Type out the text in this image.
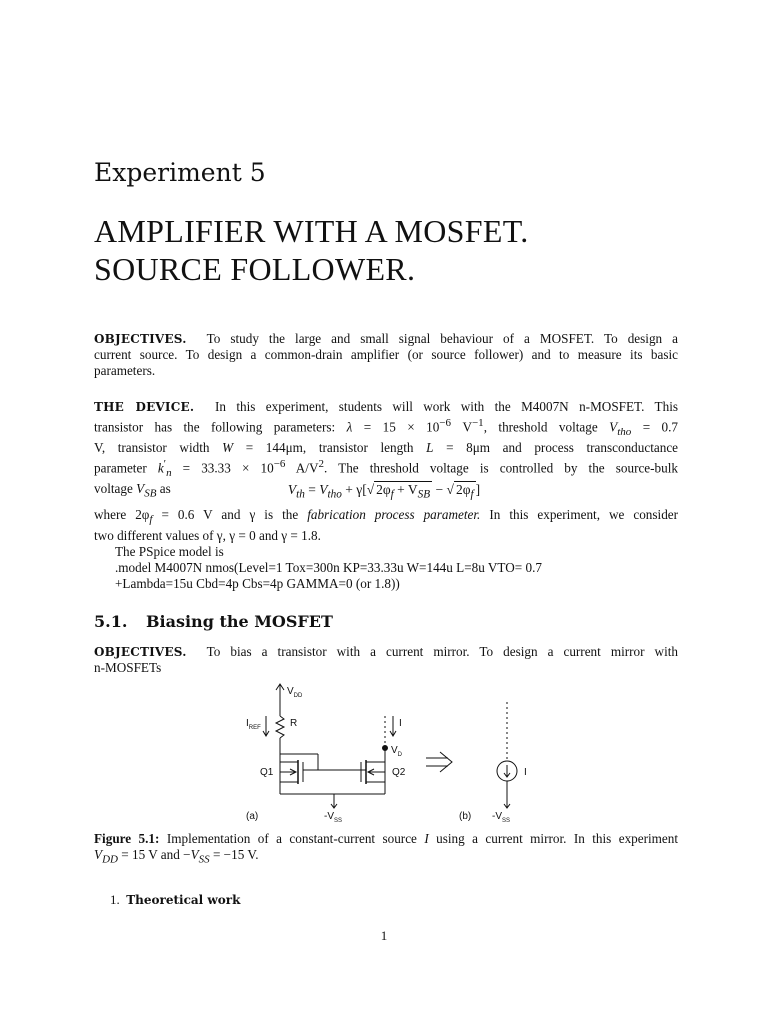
Experiment 5
AMPLIFIER WITH A MOSFET.
SOURCE FOLLOWER.
OBJECTIVES. To study the large and small signal behaviour of a MOSFET. To design a
current source. To design a common-drain amplifier (or source follower) and to measure its basic
parameters.
THE DEVICE. In this experiment, students will work with the M4007N n-MOSFET. This
transistor has the following parameters: $\lambda = 15 \times 10^{-6}$ $V^{-1}$, threshold voltage $V_{tho} = 0.7$
V, transistor width W = 144μm, transistor length L = 8μm and process transconductance
parameter $k'_n = 33.33 \times 10^{-6}$ $A/V^2$. The threshold voltage is controlled by the source-bulk
voltage $V_{SB}$ as	$V_{th} = V_{tho} + \gamma[√$ $2\varphi_f + V_{SB}$ − √ $2\varphi_f$ ]
where $2\varphi_f = 0.6$ V and γ is the fabrication process parameter. In this experiment, we consider
two different values of γ, γ = 0 and γ = 1.8.
The PSpice model is
.model M4007N nmos(Level=1 Tox=300n KP=33.33u W=144u L=8u VTO= 0.7
+Lambda=15u Cbd=4p Cbs=4p GAMMA=0 (or 1.8))
5.1. Biasing the MOSFET
OBJECTIVES. To bias a transistor with a current mirror. To design a current mirror with
n-MOSFETs
$V_{DD}$
$I_{REF}$	R	I
$V_D$
Q1	Q2
$-V_{SS}$
(a)	(b) $-V_{SS}$
I
Figure 5.1: Implementation of a constant-current source I using a current mirror. In this experiment
$V_{DD} = 15$ V and $-V_{SS} = -15$ V.
1. Theoretical work
1
